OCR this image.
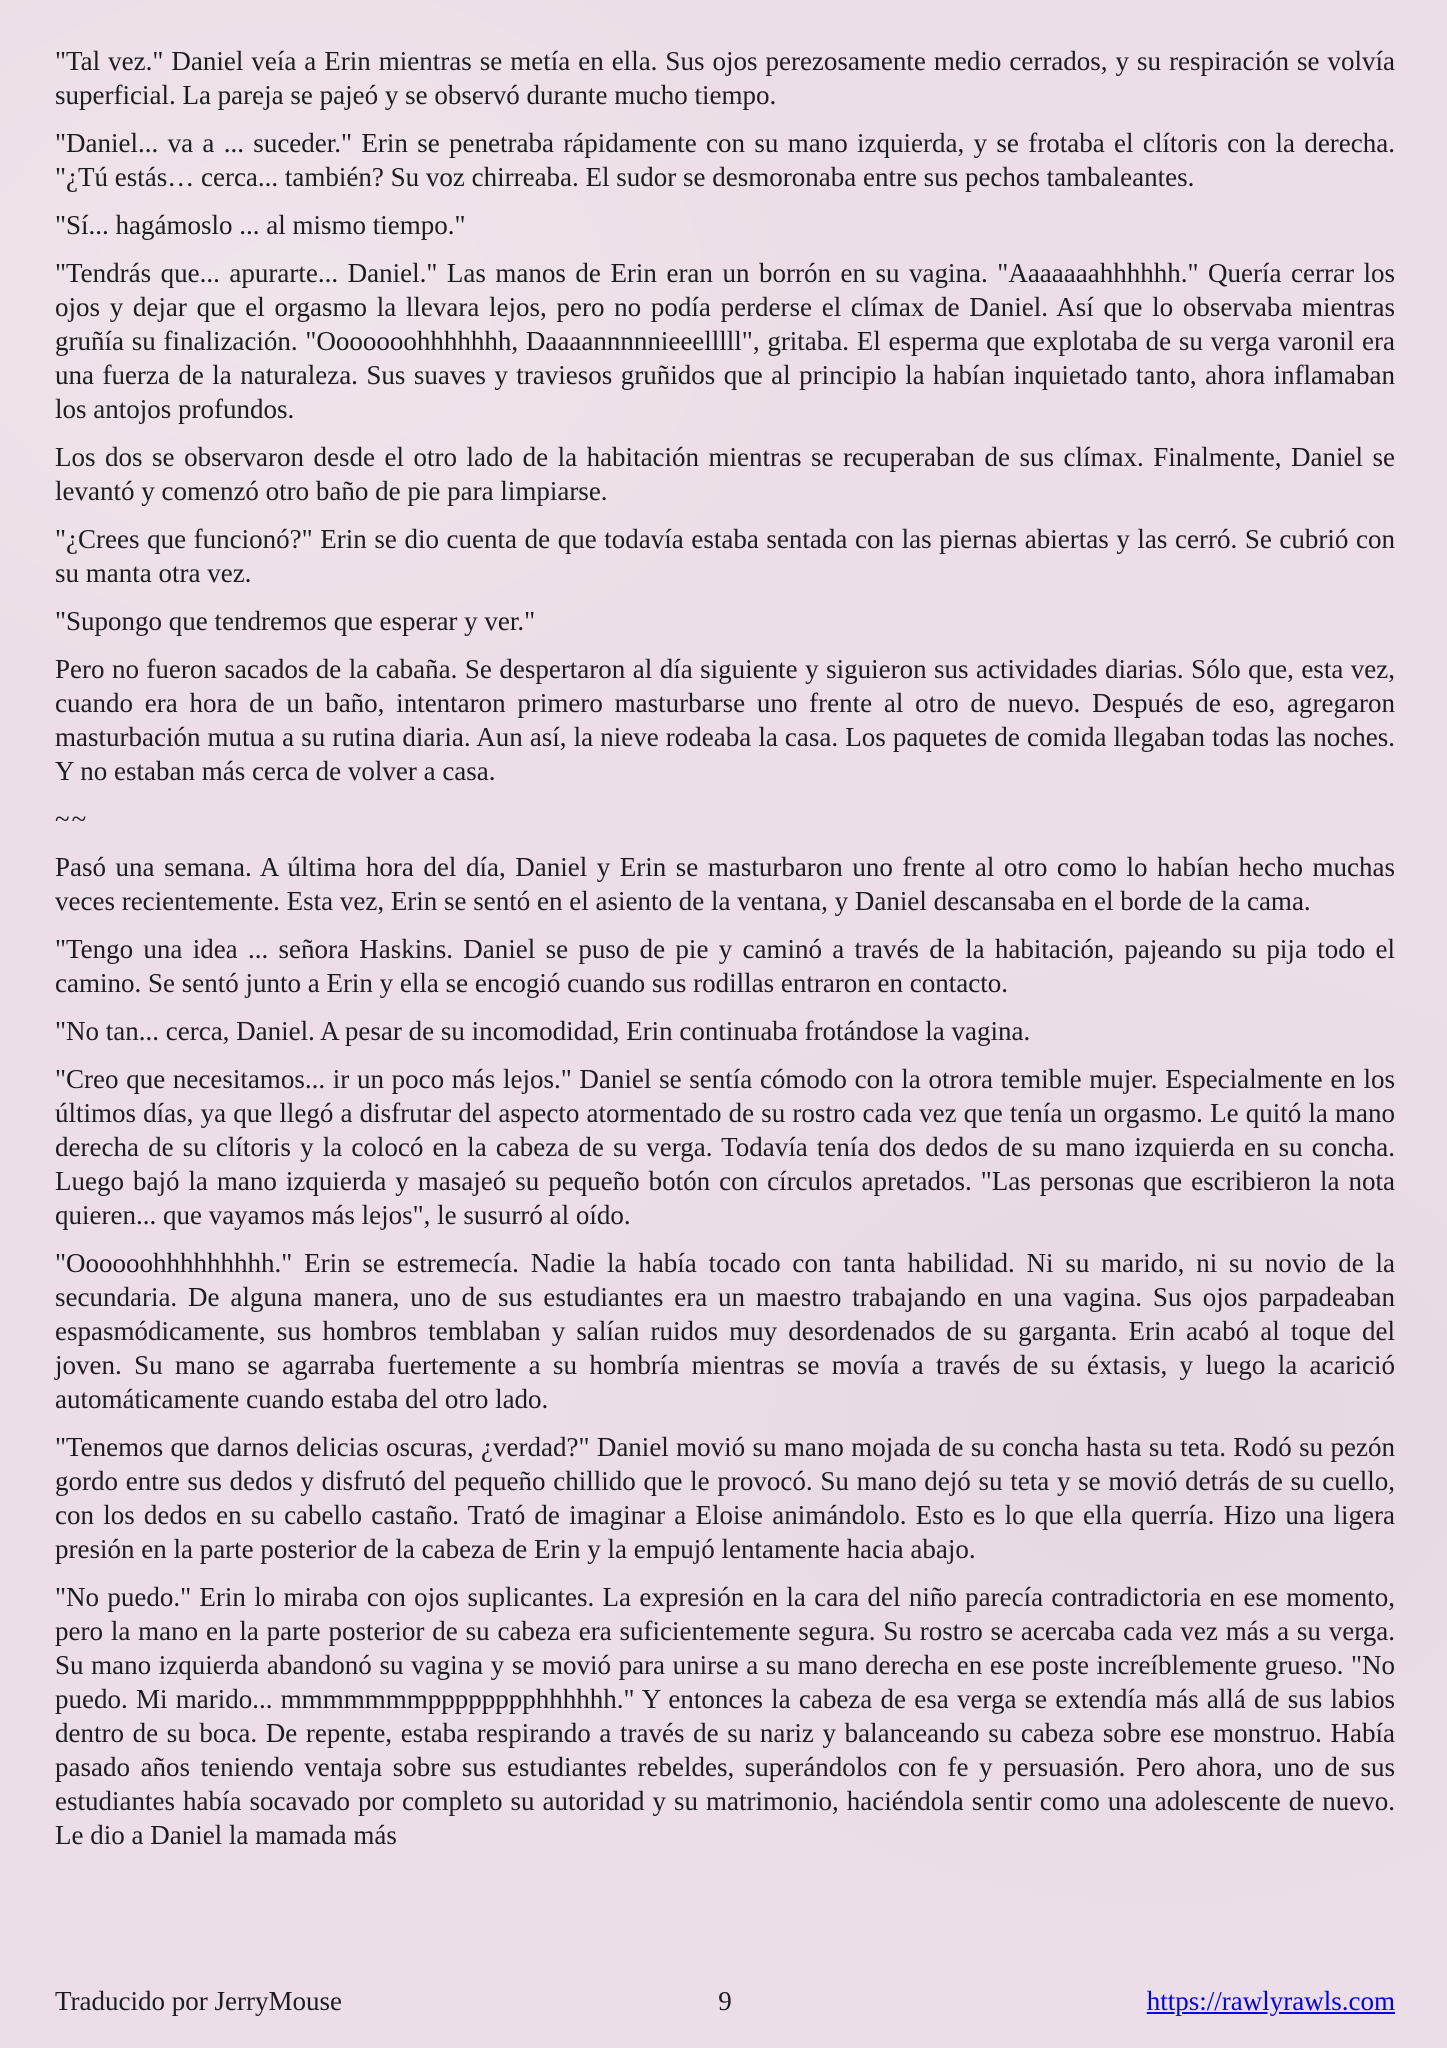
"Tal vez." Daniel veía a Erin mientras se metía en ella. Sus ojos perezosamente medio cerrados, y su respiración se volvía superficial. La pareja se pajeó y se observó durante mucho tiempo.

"Daniel... va a ... suceder." Erin se penetraba rápidamente con su mano izquierda, y se frotaba el clítoris con la derecha. "¿Tú estás… cerca... también? Su voz chirreaba. El sudor se desmoronaba entre sus pechos tambaleantes.

"Sí... hagámoslo ... al mismo tiempo."

"Tendrás que... apurarte... Daniel." Las manos de Erin eran un borrón en su vagina. "Aaaaaaahhhhhh." Quería cerrar los ojos y dejar que el orgasmo la llevara lejos, pero no podía perderse el clímax de Daniel. Así que lo observaba mientras gruñía su finalización. "Ooooooohhhhhhh, Daaaannnnnieeelllll", gritaba. El esperma que explotaba de su verga varonil era una fuerza de la naturaleza. Sus suaves y traviesos gruñidos que al principio la habían inquietado tanto, ahora inflamaban los antojos profundos.

Los dos se observaron desde el otro lado de la habitación mientras se recuperaban de sus clímax. Finalmente, Daniel se levantó y comenzó otro baño de pie para limpiarse.

"¿Crees que funcionó?" Erin se dio cuenta de que todavía estaba sentada con las piernas abiertas y las cerró. Se cubrió con su manta otra vez.

"Supongo que tendremos que esperar y ver."

Pero no fueron sacados de la cabaña. Se despertaron al día siguiente y siguieron sus actividades diarias. Sólo que, esta vez, cuando era hora de un baño, intentaron primero masturbarse uno frente al otro de nuevo. Después de eso, agregaron masturbación mutua a su rutina diaria. Aun así, la nieve rodeaba la casa. Los paquetes de comida llegaban todas las noches. Y no estaban más cerca de volver a casa.

~~

Pasó una semana. A última hora del día, Daniel y Erin se masturbaron uno frente al otro como lo habían hecho muchas veces recientemente. Esta vez, Erin se sentó en el asiento de la ventana, y Daniel descansaba en el borde de la cama.

"Tengo una idea ... señora Haskins. Daniel se puso de pie y caminó a través de la habitación, pajeando su pija todo el camino. Se sentó junto a Erin y ella se encogió cuando sus rodillas entraron en contacto.

"No tan... cerca, Daniel. A pesar de su incomodidad, Erin continuaba frotándose la vagina.

"Creo que necesitamos... ir un poco más lejos." Daniel se sentía cómodo con la otrora temible mujer. Especialmente en los últimos días, ya que llegó a disfrutar del aspecto atormentado de su rostro cada vez que tenía un orgasmo. Le quitó la mano derecha de su clítoris y la colocó en la cabeza de su verga. Todavía tenía dos dedos de su mano izquierda en su concha. Luego bajó la mano izquierda y masajeó su pequeño botón con círculos apretados. "Las personas que escribieron la nota quieren... que vayamos más lejos", le susurró al oído.

"Oooooohhhhhhhhh." Erin se estremecía. Nadie la había tocado con tanta habilidad. Ni su marido, ni su novio de la secundaria. De alguna manera, uno de sus estudiantes era un maestro trabajando en una vagina. Sus ojos parpadeaban espasmódicamente, sus hombros temblaban y salían ruidos muy desordenados de su garganta. Erin acabó al toque del joven. Su mano se agarraba fuertemente a su hombría mientras se movía a través de su éxtasis, y luego la acarició automáticamente cuando estaba del otro lado.

"Tenemos que darnos delicias oscuras, ¿verdad?" Daniel movió su mano mojada de su concha hasta su teta. Rodó su pezón gordo entre sus dedos y disfrutó del pequeño chillido que le provocó. Su mano dejó su teta y se movió detrás de su cuello, con los dedos en su cabello castaño. Trató de imaginar a Eloise animándolo. Esto es lo que ella querría. Hizo una ligera presión en la parte posterior de la cabeza de Erin y la empujó lentamente hacia abajo.

"No puedo." Erin lo miraba con ojos suplicantes. La expresión en la cara del niño parecía contradictoria en ese momento, pero la mano en la parte posterior de su cabeza era suficientemente segura. Su rostro se acercaba cada vez más a su verga. Su mano izquierda abandonó su vagina y se movió para unirse a su mano derecha en ese poste increíblemente grueso. "No puedo. Mi marido... mmmmmmmpppppppphhhhhh." Y entonces la cabeza de esa verga se extendía más allá de sus labios dentro de su boca. De repente, estaba respirando a través de su nariz y balanceando su cabeza sobre ese monstruo. Había pasado años teniendo ventaja sobre sus estudiantes rebeldes, superándolos con fe y persuasión. Pero ahora, uno de sus estudiantes había socavado por completo su autoridad y su matrimonio, haciéndola sentir como una adolescente de nuevo. Le dio a Daniel la mamada más

Traducido por JerryMouse	9	https://rawlyrawls.com
